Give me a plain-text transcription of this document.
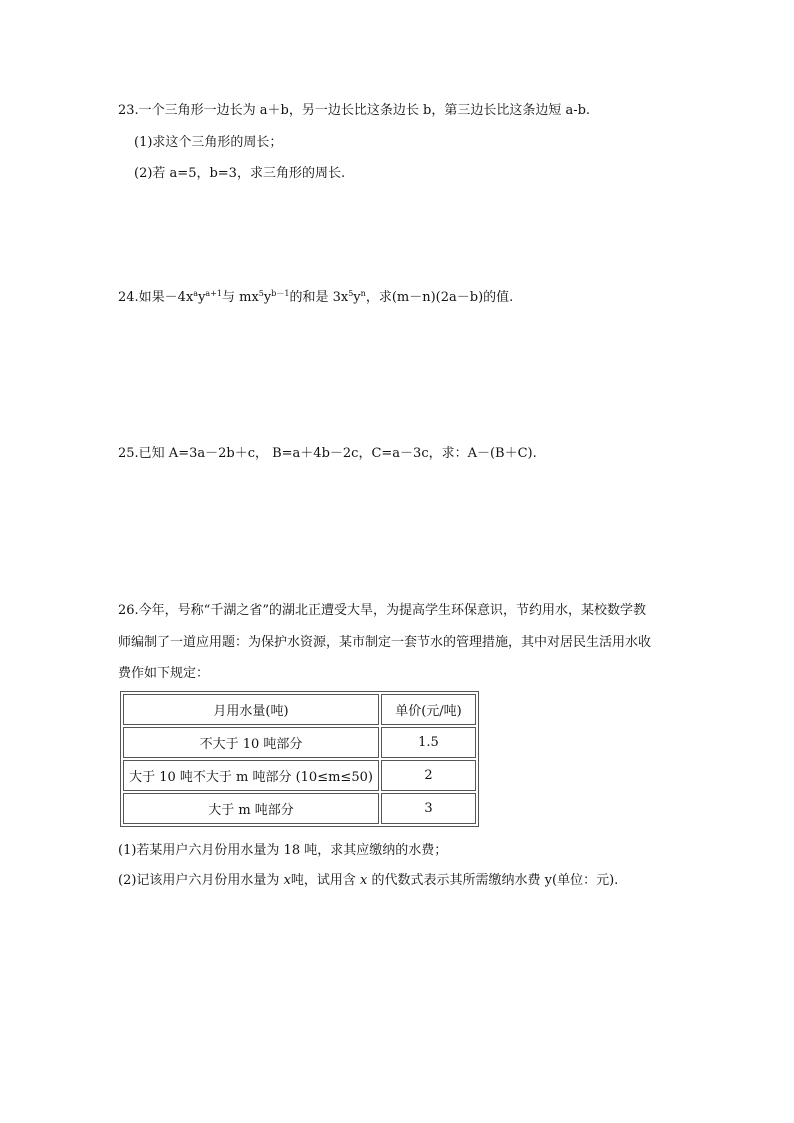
23.一个三角形一边长为 a＋b，另一边长比这条边长 b，第三边长比这条边短 a-b.
(1)求这个三角形的周长；
(2)若 a=5，b=3，求三角形的周长.
24.如果$-4x^ay^{a+1}$与 $mx^5y^{b-1}$的和是 $3x^5y^n$，求(m－n)(2a－b)的值.
25.已知 A=3a－2b＋c， B=a＋4b－2c，C=a－3c，求：A－(B＋C).
26.今年，号称“千湖之省”的湖北正遭受大旱，为提高学生环保意识，节约用水，某校数学教
师编制了一道应用题：为保护水资源，某市制定一套节水的管理措施，其中对居民生活用水收
费作如下规定：
月用水量(吨)	单价(元/吨)
不大于 10 吨部分	1.5
大于 10 吨不大于 m 吨部分 (10≤m≤50)	2
大于 m 吨部分	3
(1)若某用户六月份用水量为 18 吨，求其应缴纳的水费；
(2)记该用户六月份用水量为 x吨，试用含 x 的代数式表示其所需缴纳水费 y(单位：元).
